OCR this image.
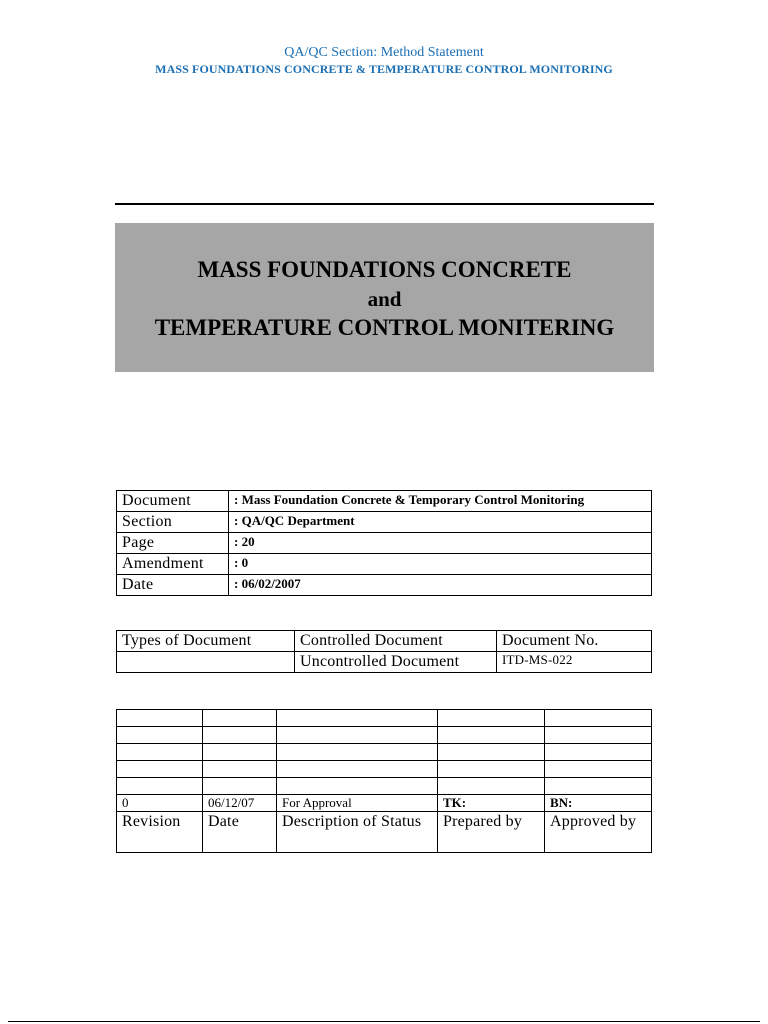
QA/QC Section: Method Statement
MASS FOUNDATIONS CONCRETE & TEMPERATURE CONTROL MONITORING
MASS FOUNDATIONS CONCRETE
and
TEMPERATURE CONTROL MONITERING
Document	: Mass Foundation Concrete & Temporary Control Monitoring
Section	: QA/QC Department
Page	: 20
Amendment	: 0
Date	: 06/02/2007
Types of Document	Controlled Document	Document No.
	Uncontrolled Document	ITD-MS-022

0	06/12/07	For Approval	TK:	BN:
Revision	Date	Description of Status	Prepared by	Approved by
